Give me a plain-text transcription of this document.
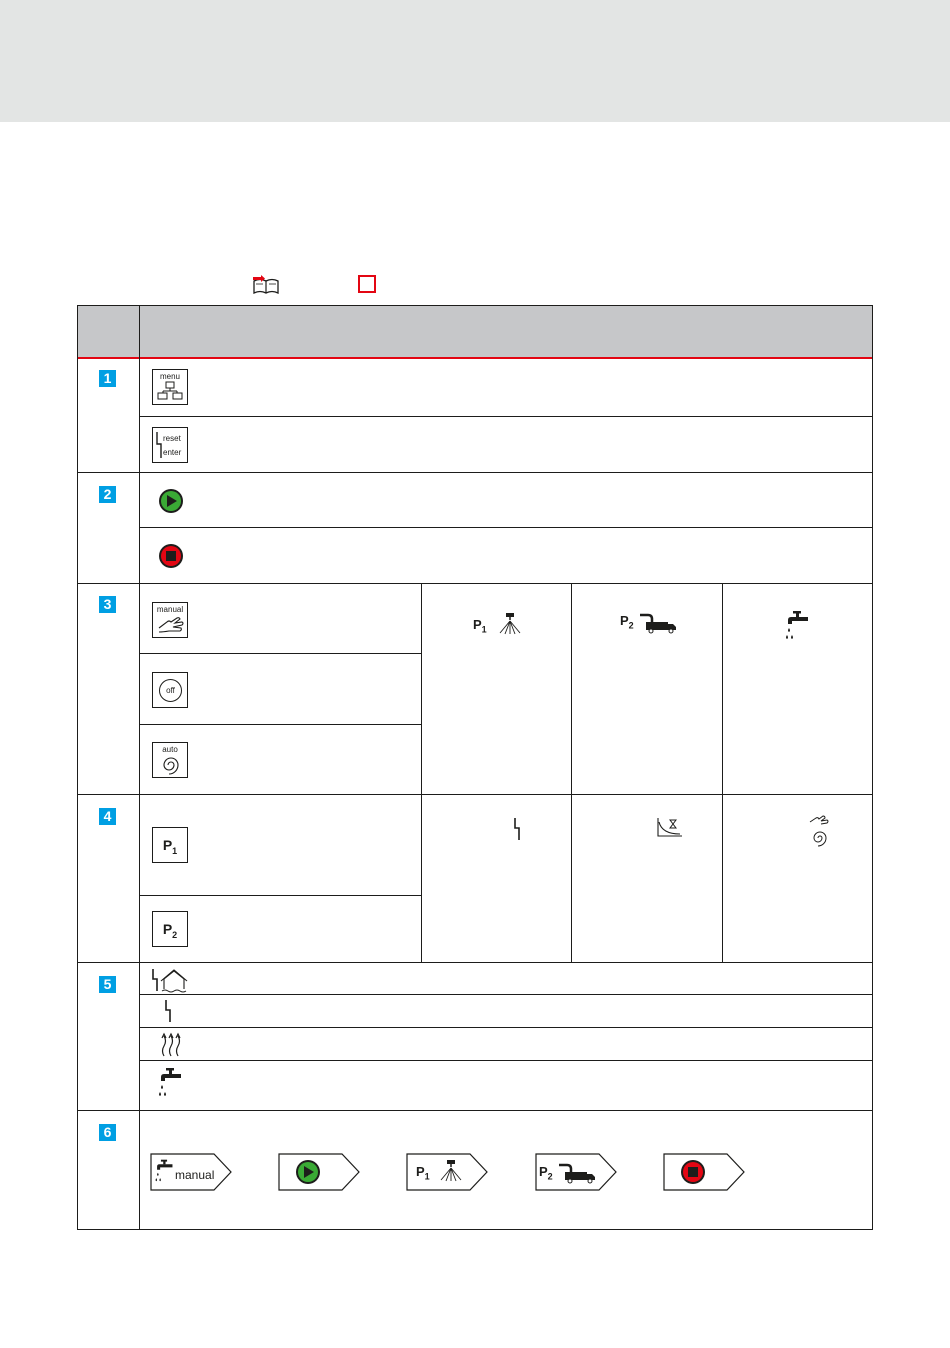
1
2
3
4
5
6
menu
reset
enter
manual
off
auto
$P_1$
$P_2$
$P_1$
$P_2$
manual	$P_1$	$P_2$
